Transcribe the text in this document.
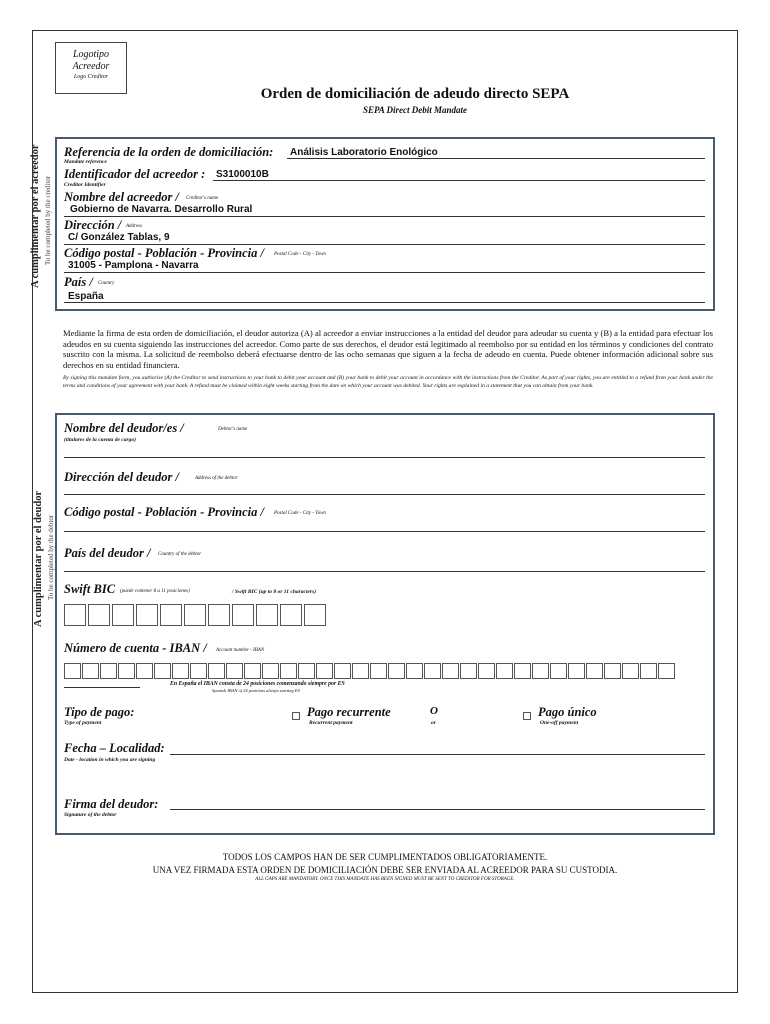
Logotipo
Acreedor
Logo Creditor
Orden de domiciliación de adeudo directo SEPA
SEPA Direct Debit Mandate
A cumplimentar por el acreedor To be completed by the creditor
Referencia de la orden de domiciliación: Análisis Laboratorio Enológico
Mandate reference
Identificador del acreedor : S3100010B
Creditor Identifier
Nombre del acreedor / Creditor's name
Gobierno de Navarra. Desarrollo Rural
Dirección / Address
C/ González Tablas, 9
Código postal - Población - Provincia / Postal Code - City - Town
31005 - Pamplona - Navarra
País / Country
España
Mediante la firma de esta orden de domiciliación, el deudor autoriza (A) al acreedor a enviar instrucciones a la entidad del deudor para adeudar su cuenta y (B) a la entidad para efectuar los adeudos en su cuenta siguiendo las instrucciones del acreedor. Como parte de sus derechos, el deudor está legitimado al reembolso por su entidad en los términos y condiciones del contrato suscrito con la misma. La solicitud de reembolso deberá efectuarse dentro de las ocho semanas que siguen a la fecha de adeudo en cuenta. Puede obtener información adicional sobre sus derechos en su entidad financiera.
By signing this mandate form, you authorise (A) the Creditor to send instructions to your bank to debit your account and (B) your bank to debit your account in accordance with the instructions from the Creditor. As part of your rights, you are entitled to a refund from your bank under the terms and conditions of your agreement with your bank. A refund must be claimed within eight weeks starting from the date on which your account was debited. Your rights are explained in a statement that you can obtain from your bank.
A cumplimentar por el deudor To be completed by the debtor
Nombre del deudor/es /	Debtor's name
(titulares de la cuenta de cargo)
Dirección del deudor /	Address of the debtor
Código postal - Población - Provincia / Postal Code - City - Town
País del deudor / Country of the debtor
Swift BIC (puede contener 8 u 11 posiciones)	/ Swift BIC (up to 8 or 11 characters)
Número de cuenta - IBAN / Account number - IBAN
En España el IBAN consta de 24 posiciones comenzando siempre por ES
Spanish IBAN of 24 positions always starting ES
Tipo de pago:
Type of payment
Pago recurrente
Recurrent payment
O
or
Pago único
One-off payment
Fecha – Localidad:
Date - location in which you are signing
Firma del deudor:
Signature of the debtor
TODOS LOS CAMPOS HAN DE SER CUMPLIMENTADOS OBLIGATORIAMENTE.
UNA VEZ FIRMADA ESTA ORDEN DE DOMICILIACIÓN DEBE SER ENVIADA AL ACREEDOR PARA SU CUSTODIA.
ALL GAPS ARE MANDATORY. ONCE THIS MANDATE HAS BEEN SIGNED MUST BE SENT TO CREDITOR FOR STORAGE.
